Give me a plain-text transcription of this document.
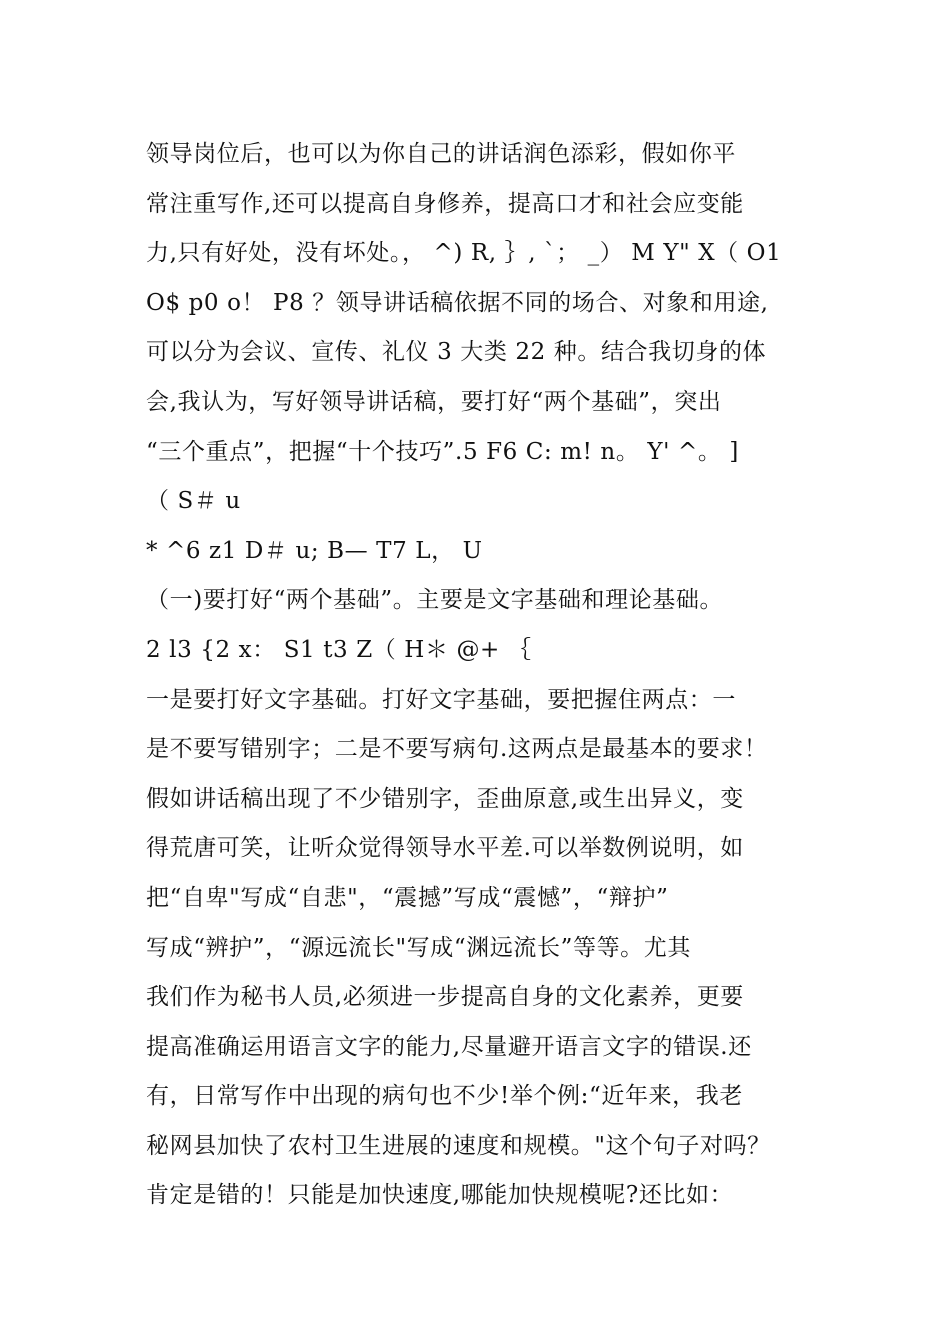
领导岗位后，也可以为你自己的讲话润色添彩，假如你平
常注重写作,还可以提高自身修养，提高口才和社会应变能
力,只有好处，没有坏处。， ^) R, ｝, `； _） M Y" X（ O1
O$ p0 o！ P8 ？领导讲话稿依据不同的场合、对象和用途,
可以分为会议、宣传、礼仪 3 大类 22 种。结合我切身的体
会,我认为，写好领导讲话稿，要打好“两个基础”，突出
“三个重点”，把握“十个技巧”.5 F6 C: m! n。 Y' ^。 ]
（ S＃ u
* ^6 z1 D＃ u; B— T7 L， U
（一)要打好“两个基础”。主要是文字基础和理论基础。
2 l3 {2 x： S1 t3 Z（ H＊ @+ ｛
一是要打好文字基础。打好文字基础，要把握住两点：一
是不要写错别字；二是不要写病句.这两点是最基本的要求！
假如讲话稿出现了不少错别字，歪曲原意,或生出异义，变
得荒唐可笑，让听众觉得领导水平差.可以举数例说明，如
把“自卑"写成“自悲"，“震撼”写成“震憾”，“辩护”
写成“辨护”，“源远流长"写成“渊远流长”等等。尤其
我们作为秘书人员,必须进一步提高自身的文化素养，更要
提高准确运用语言文字的能力,尽量避开语言文字的错误.还
有，日常写作中出现的病句也不少!举个例:“近年来，我老
秘网县加快了农村卫生进展的速度和规模。"这个句子对吗？
肯定是错的！只能是加快速度,哪能加快规模呢?还比如：
